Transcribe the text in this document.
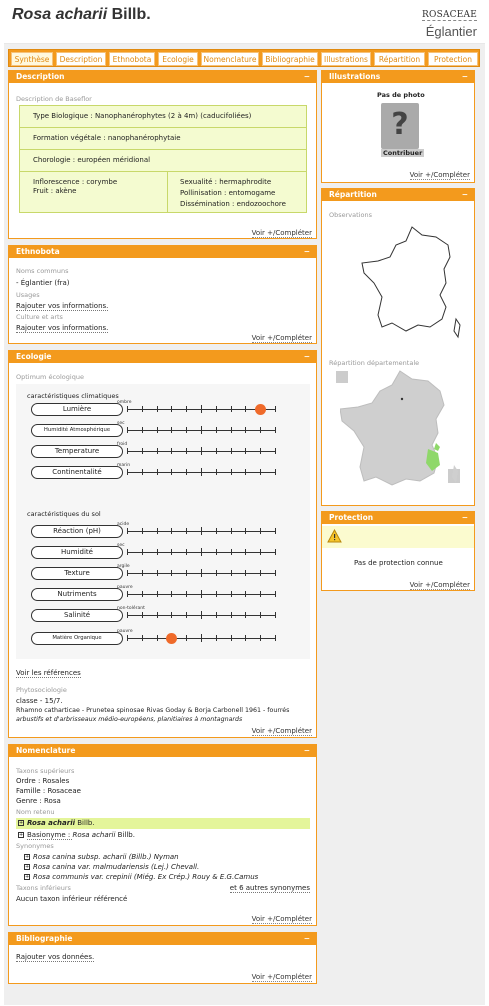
Rosa acharii Billb.	ROSACEAE
Églantier
Synthèse	Description	Ethnobota	Ecologie	Nomenclature	Bibliographie	Illustrations	Répartition	Protection
Description	−
Description de Baseflor
Type Biologique : Nanophanérophytes (2 à 4m) (caducifoliées)
Formation végétale : nanophanérophytaie
Chorologie : européen méridional
Inflorescence : corymbe
Fruit : akène
Sexualité : hermaphrodite
Pollinisation : entomogame
Dissémination : endozoochore
Voir +/Compléter
Ethnobota	−
Noms communs
- Églantier (fra)
Usages
Rajouter vos informations.
Culture et arts
Rajouter vos informations.
Voir +/Compléter
Ecologie	−
Optimum écologique
caractéristiques climatiques
caractéristiques du sol
Lumière
ombre
Humidité Atmosphérique
sec
Temperature
froid
Continentalité
marin
Réaction (pH)
acide
Humidité
sec
Texture
argile
Nutriments
pauvre
Salinité
non-tolérant
Matière Organique
pauvre
Voir les références
Phytosociologie
classe - 15/7.
Rhamno catharticae - Prunetea spinosae Rivas Goday & Borja Carbonell 1961 - fourrés
arbustifs et d'arbrisseaux médio-européens, planitiaires à montagnards
Voir +/Compléter
Nomenclature	−
Taxons supérieurs
Ordre : Rosales
Famille : Rosaceae
Genre : Rosa
Nom retenu
+ Rosa acharii Billb.
+ Basionyme : Rosa acharii Billb.
Synonymes
+ Rosa canina subsp. acharii (Billb.) Nyman
+ Rosa canina var. malmudariensis (Lej.) Chevall.
+ Rosa communis var. crepinii (Miég. Ex Crép.) Rouy & E.G.Camus
Taxons inférieurs	et 6 autres synonymes
Aucun taxon inférieur référencé
Voir +/Compléter
Bibliographie	−
Rajouter vos données.
Voir +/Compléter
Illustrations	−
Pas de photo
?
Contribuer
Voir +/Compléter
Répartition	−
Observations
Répartition départementale
Protection	−
Pas de protection connue
Voir +/Compléter
